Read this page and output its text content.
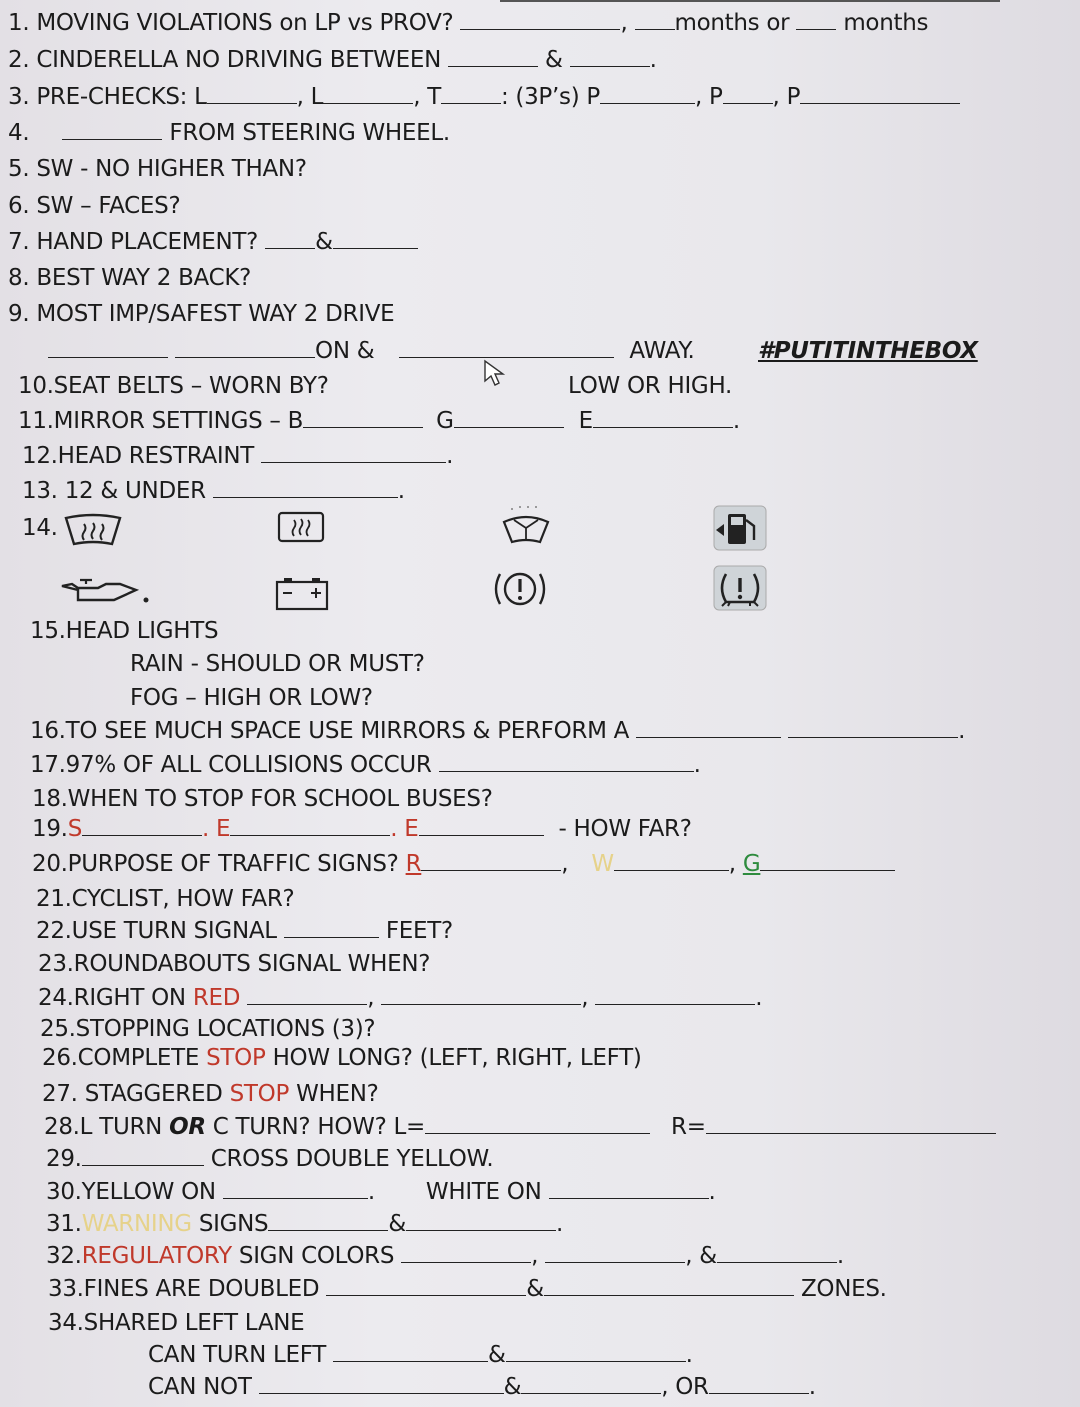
1. MOVING VIOLATIONS on LP vs PROV?	, months or months
2. CINDERELLA NO DRIVING BETWEEN	&	.
3. PRE-CHECKS: L	, L	, T	: (3P’s) P	, P , P
4.	FROM STEERING WHEEL.
5. SW - NO HIGHER THAN?
6. SW – FACES?
7. HAND PLACEMENT? &
8. BEST WAY 2 BACK?
9. MOST IMP/SAFEST WAY 2 DRIVE
ON &	AWAY.	#PUTITINTHEBOX
10.SEAT BELTS – WORN BY?	LOW OR HIGH.
11.MIRROR SETTINGS – B	G	E	.
12.HEAD RESTRAINT	.
13. 12 & UNDER	.
14.
15.HEAD LIGHTS
RAIN - SHOULD OR MUST?
FOG – HIGH OR LOW?
16.TO SEE MUCH SPACE USE MIRRORS & PERFORM A	.
17.97% OF ALL COLLISIONS OCCUR	.
18.WHEN TO STOP FOR SCHOOL BUSES?
19.S	. E	. E	- HOW FAR?
20.PURPOSE OF TRAFFIC SIGNS? R	, W	, G
21.CYCLIST, HOW FAR?
22.USE TURN SIGNAL	FEET?
23.ROUNDABOUTS SIGNAL WHEN?
24.RIGHT ON RED	,	,	.
25.STOPPING LOCATIONS (3)?
26.COMPLETE STOP HOW LONG? (LEFT, RIGHT, LEFT)
27. STAGGERED STOP WHEN?
28.L TURN OR C TURN? HOW? L=	R=
29.	CROSS DOUBLE YELLOW.
30.YELLOW ON	. WHITE ON	.
31.WARNING SIGNS	&	.
32.REGULATORY SIGN COLORS	,	, &	.
33.FINES ARE DOUBLED	&	ZONES.
34.SHARED LEFT LANE
CAN TURN LEFT	&	.
CAN NOT	&	, OR	.
